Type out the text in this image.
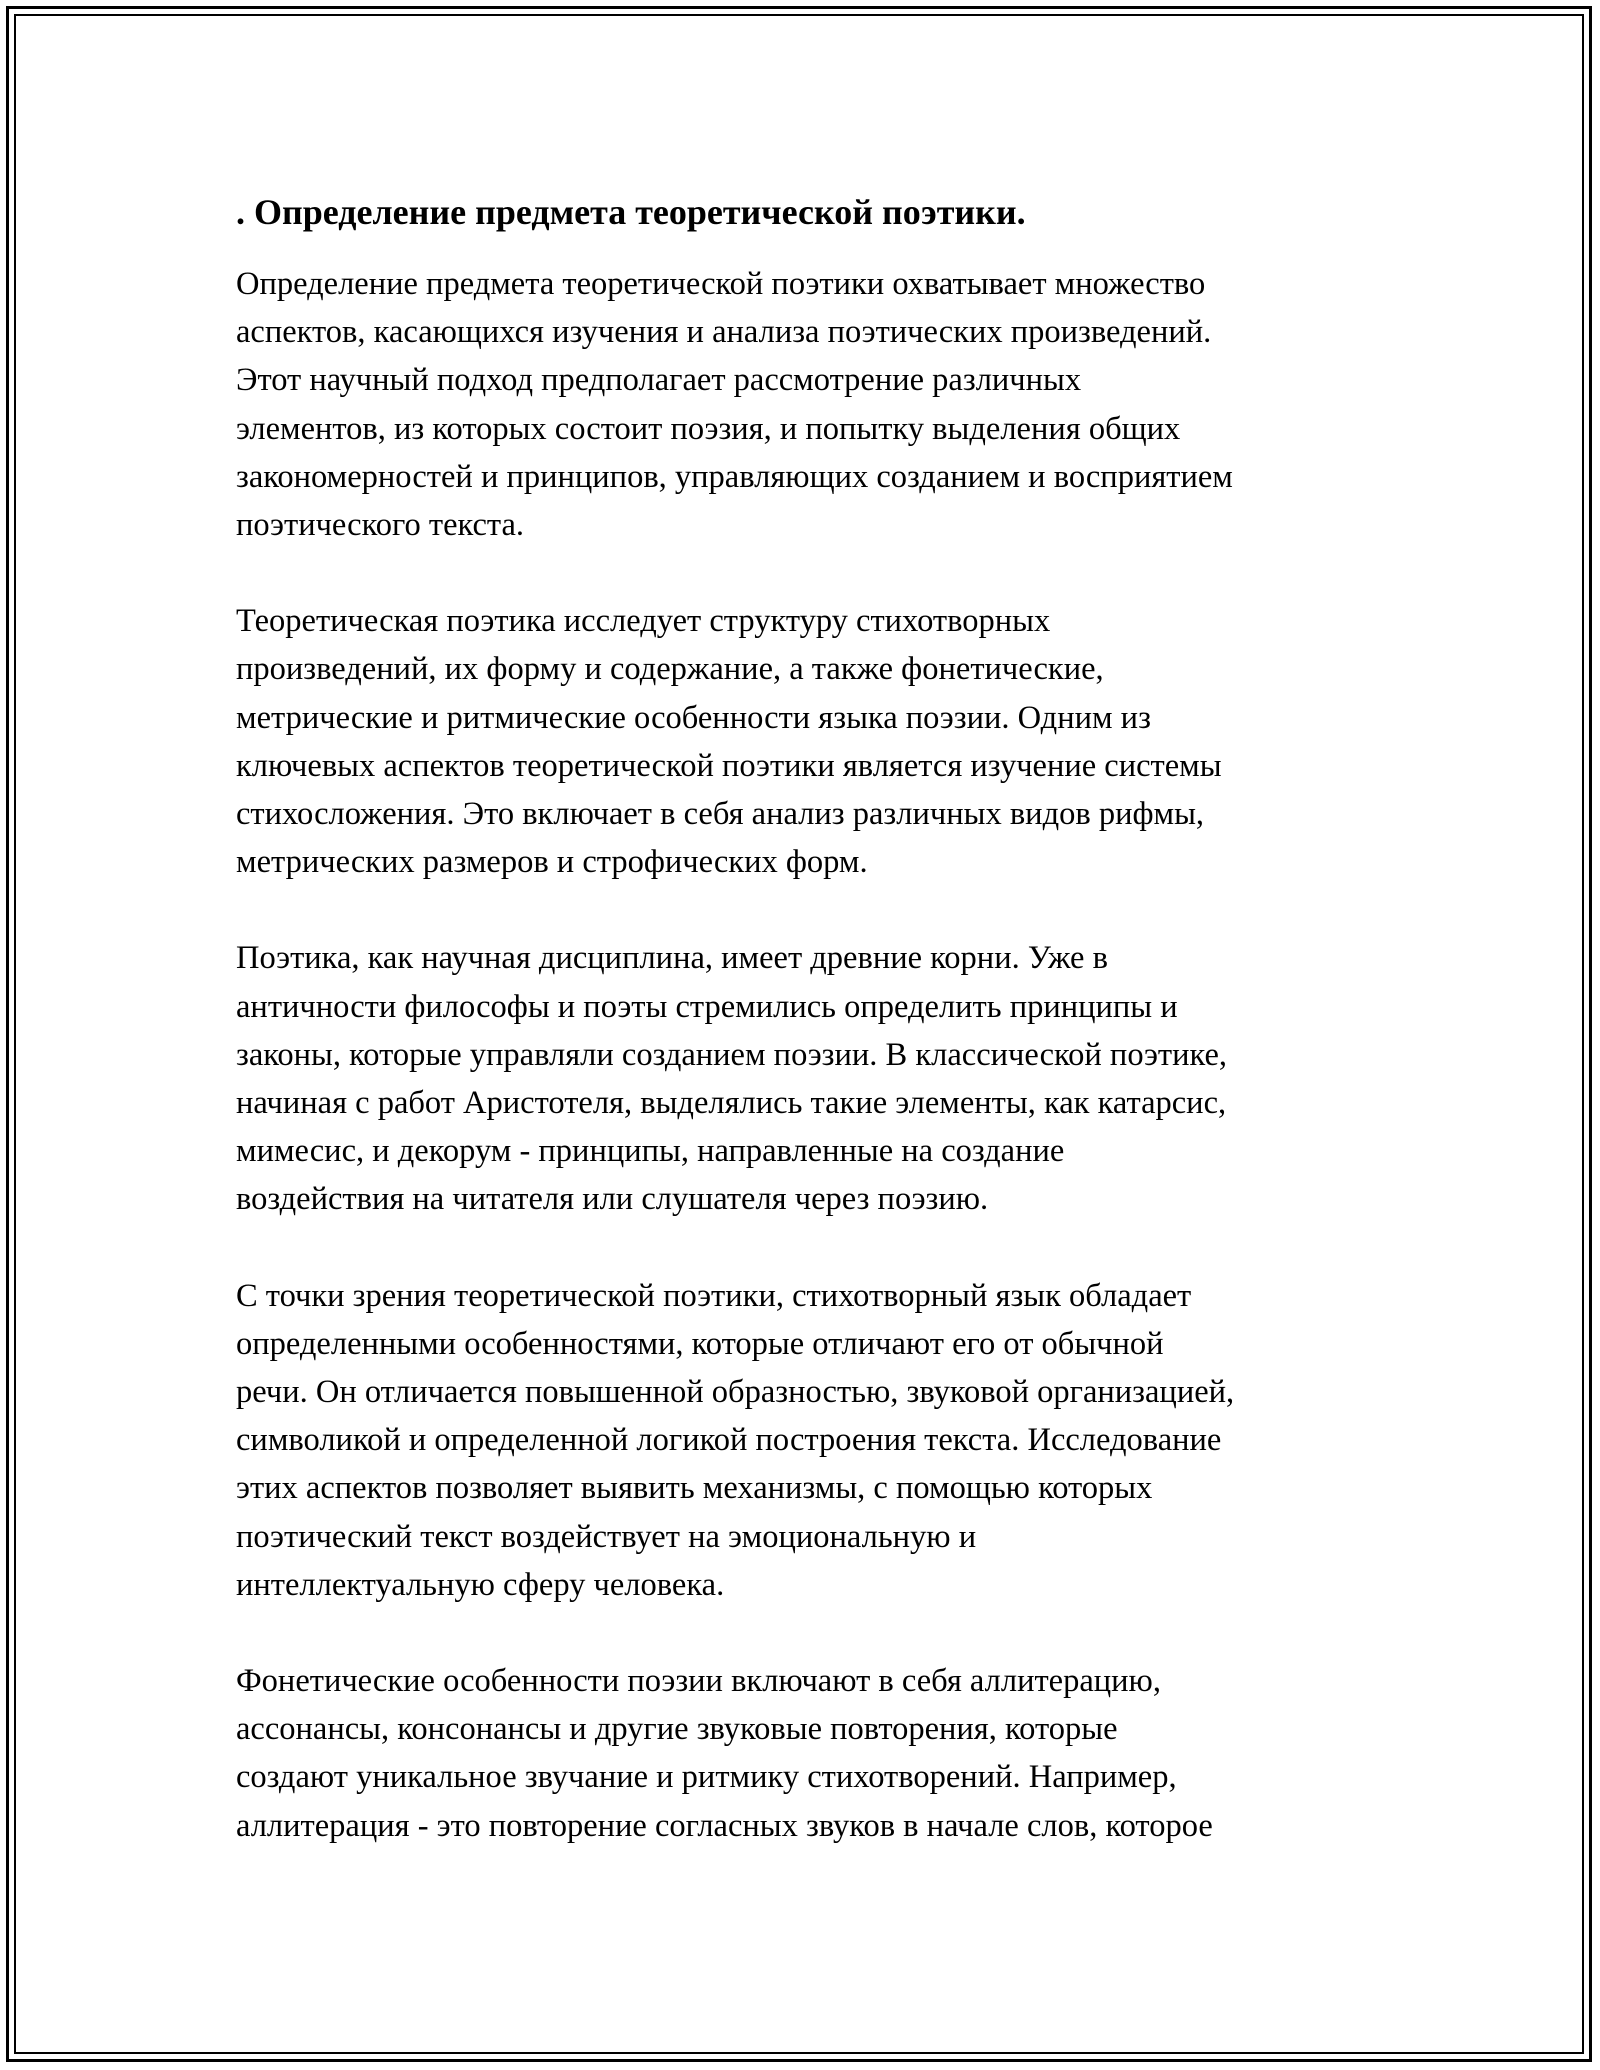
. Определение предмета теоретической поэтики.
Определение предмета теоретической поэтики охватывает множество
аспектов, касающихся изучения и анализа поэтических произведений.
Этот научный подход предполагает рассмотрение различных
элементов, из которых состоит поэзия, и попытку выделения общих
закономерностей и принципов, управляющих созданием и восприятием
поэтического текста.
Теоретическая поэтика исследует структуру стихотворных
произведений, их форму и содержание, а также фонетические,
метрические и ритмические особенности языка поэзии. Одним из
ключевых аспектов теоретической поэтики является изучение системы
стихосложения. Это включает в себя анализ различных видов рифмы,
метрических размеров и строфических форм.
Поэтика, как научная дисциплина, имеет древние корни. Уже в
античности философы и поэты стремились определить принципы и
законы, которые управляли созданием поэзии. В классической поэтике,
начиная с работ Аристотеля, выделялись такие элементы, как катарсис,
мимесис, и декорум - принципы, направленные на создание
воздействия на читателя или слушателя через поэзию.
С точки зрения теоретической поэтики, стихотворный язык обладает
определенными особенностями, которые отличают его от обычной
речи. Он отличается повышенной образностью, звуковой организацией,
символикой и определенной логикой построения текста. Исследование
этих аспектов позволяет выявить механизмы, с помощью которых
поэтический текст воздействует на эмоциональную и
интеллектуальную сферу человека.
Фонетические особенности поэзии включают в себя аллитерацию,
ассонансы, консонансы и другие звуковые повторения, которые
создают уникальное звучание и ритмику стихотворений. Например,
аллитерация - это повторение согласных звуков в начале слов, которое
